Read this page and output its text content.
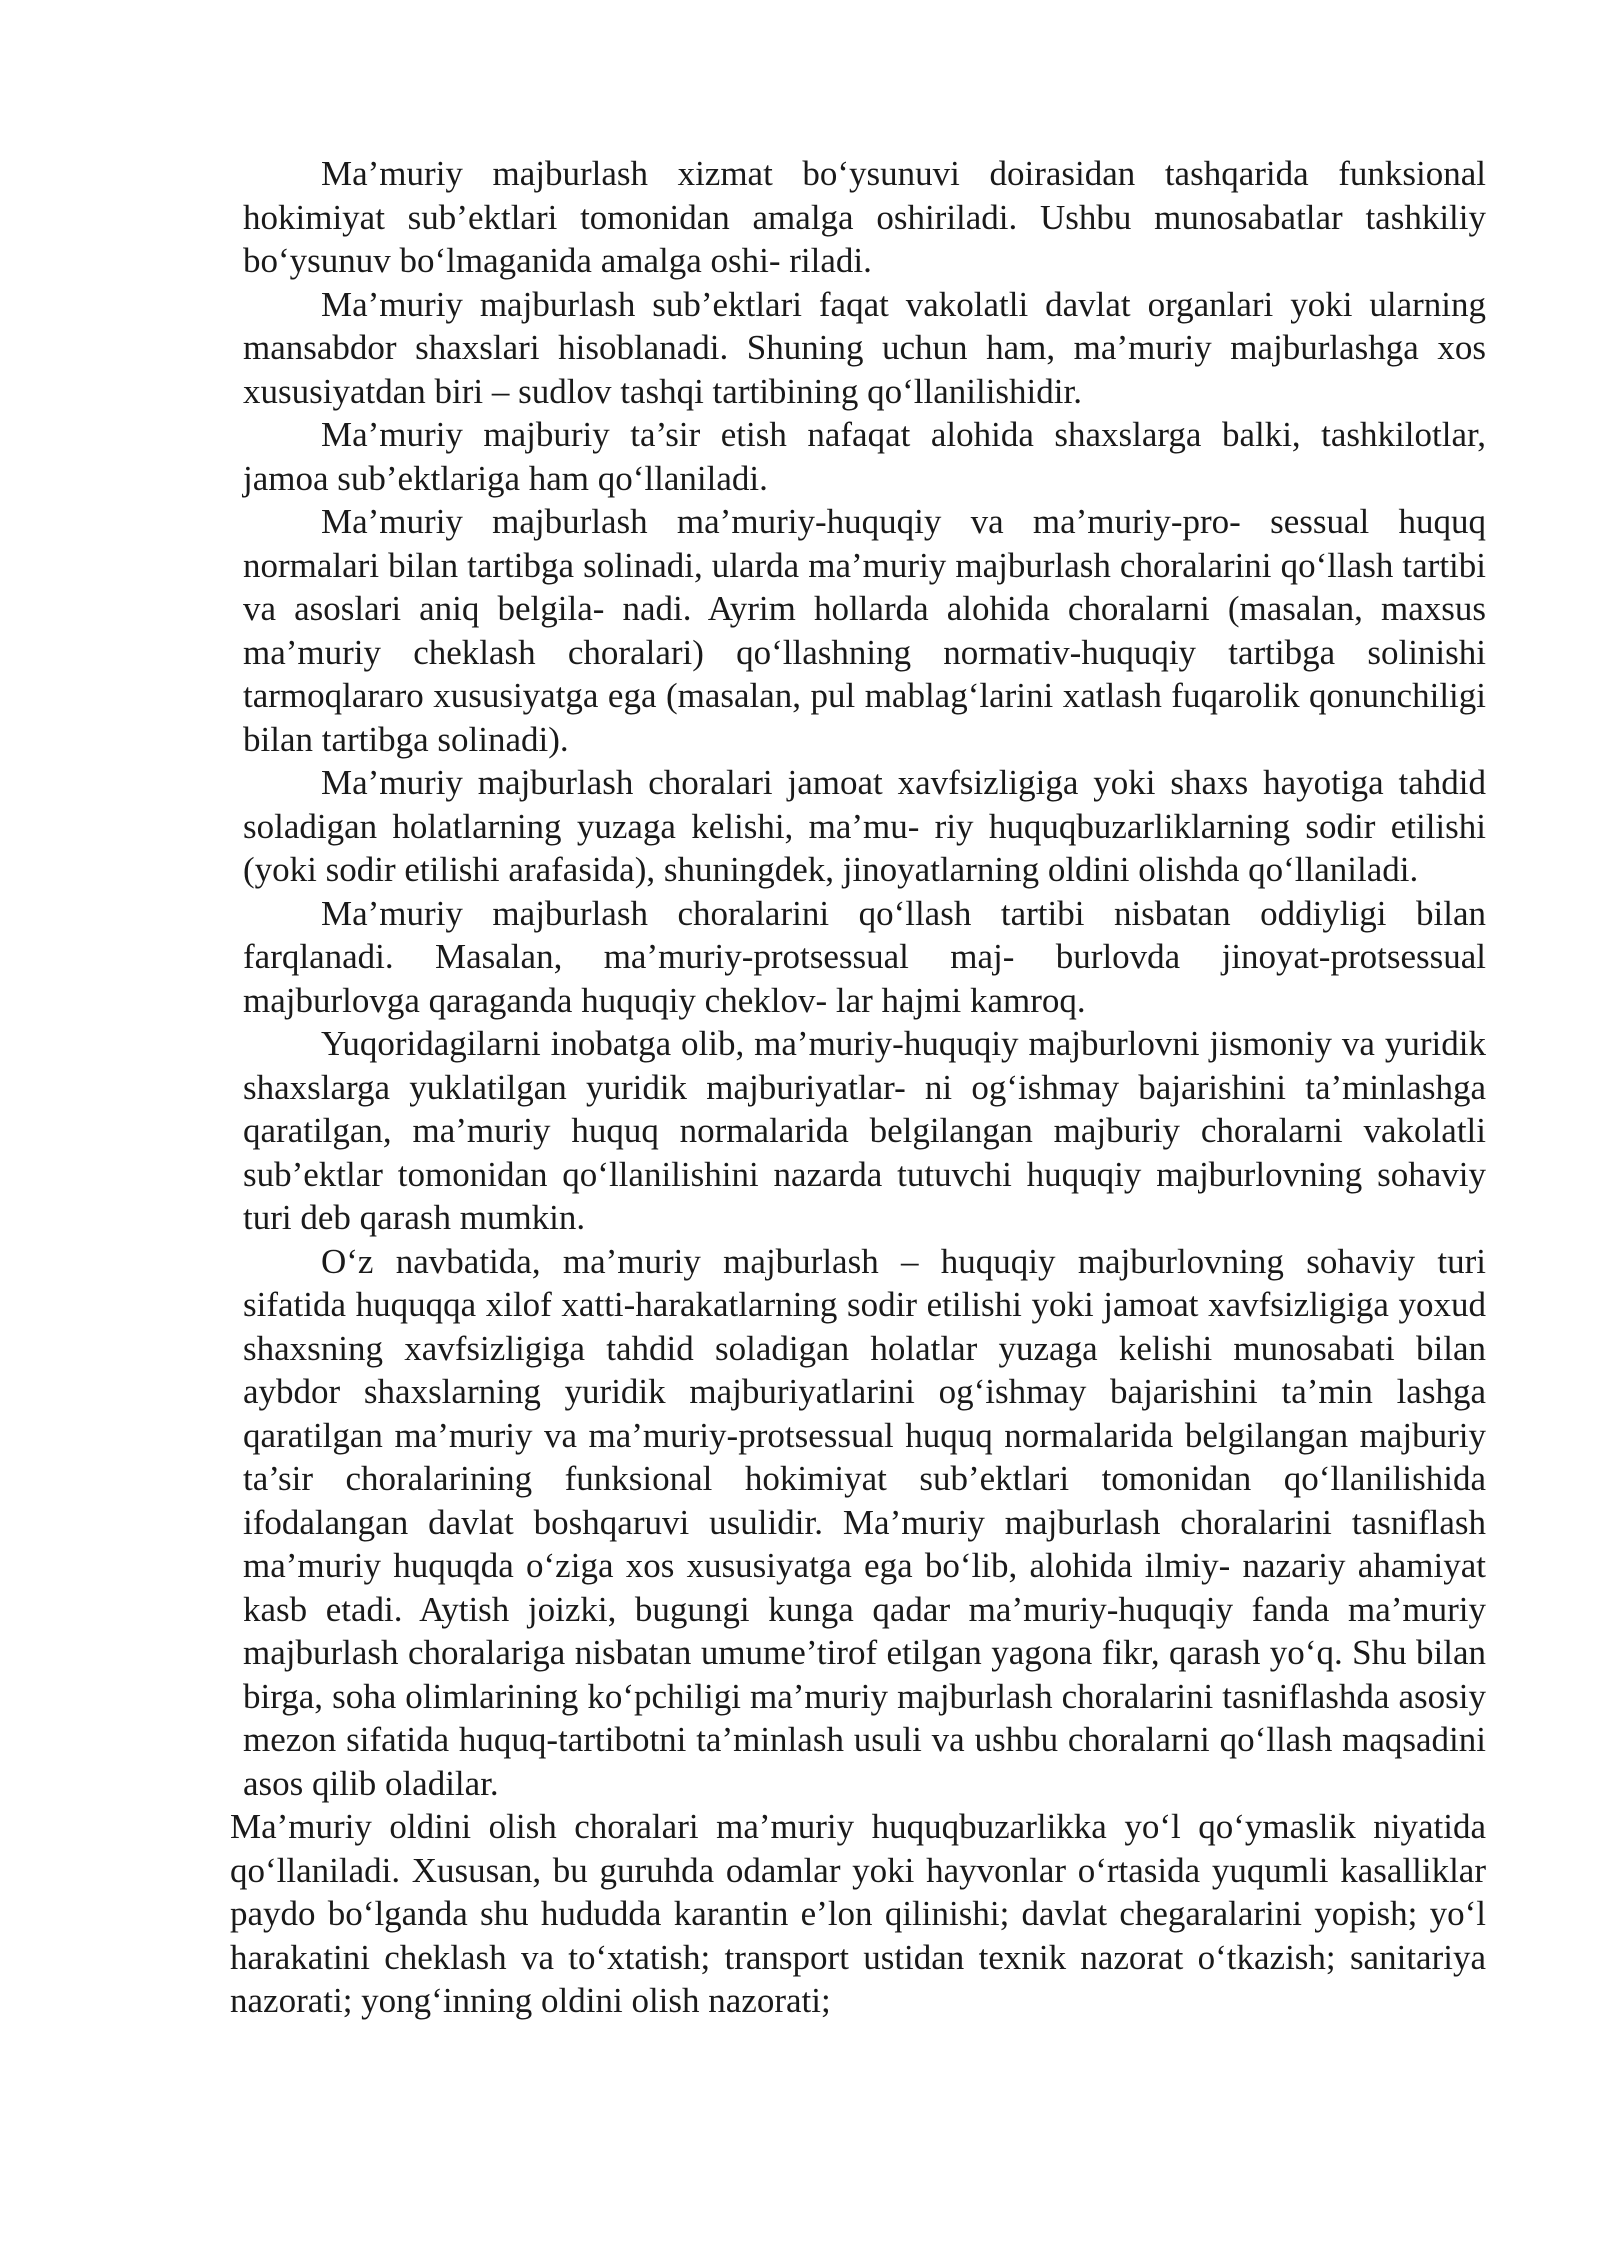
Ma’muriy majburlash xizmat bo‘ysunuvi doirasidan tashqarida funksional hokimiyat sub’ektlari tomonidan amalga oshiriladi. Ushbu munosabatlar tashkiliy bo‘ysunuv bo‘lmaganida amalga oshi- riladi.

Ma’muriy majburlash sub’ektlari faqat vakolatli davlat organlari yoki ularning mansabdor shaxslari hisoblanadi. Shuning uchun ham, ma’muriy majburlashga xos xususiyatdan biri – sudlov tashqi tartibining qo‘llanilishidir.

Ma’muriy majburiy ta’sir etish nafaqat alohida shaxslarga balki, tashkilotlar, jamoa sub’ektlariga ham qo‘llaniladi.

Ma’muriy majburlash ma’muriy-huquqiy va ma’muriy-pro- sessual huquq normalari bilan tartibga solinadi, ularda ma’muriy majburlash choralarini qo‘llash tartibi va asoslari aniq belgila- nadi. Ayrim hollarda alohida choralarni (masalan, maxsus ma’muriy cheklash choralari) qo‘llashning normativ-huquqiy tartibga solinishi tarmoqlararo xususiyatga ega (masalan, pul mablag‘larini xatlash fuqarolik qonunchiligi bilan tartibga solinadi).

Ma’muriy majburlash choralari jamoat xavfsizligiga yoki shaxs hayotiga tahdid soladigan holatlarning yuzaga kelishi, ma’mu- riy huquqbuzarliklarning sodir etilishi (yoki sodir etilishi arafasida), shuningdek, jinoyatlarning oldini olishda qo‘llaniladi.

Ma’muriy majburlash choralarini qo‘llash tartibi nisbatan oddiyligi bilan farqlanadi. Masalan, ma’muriy-protsessual maj- burlovda jinoyat-protsessual majburlovga qaraganda huquqiy cheklov- lar hajmi kamroq.

Yuqoridagilarni inobatga olib, ma’muriy-huquqiy majburlovni jismoniy va yuridik shaxslarga yuklatilgan yuridik majburiyatlar- ni og‘ishmay bajarishini ta’minlashga qaratilgan, ma’muriy huquq normalarida belgilangan majburiy choralarni vakolatli sub’ektlar tomonidan qo‘llanilishini nazarda tutuvchi huquqiy majburlovning sohaviy turi deb qarash mumkin.

O‘z navbatida, ma’muriy majburlash – huquqiy majburlovning sohaviy turi sifatida huquqqa xilof xatti-harakatlarning sodir etilishi yoki jamoat xavfsizligiga yoxud shaxsning xavfsizligiga tahdid soladigan holatlar yuzaga kelishi munosabati bilan aybdor shaxslarning yuridik majburiyatlarini og‘ishmay bajarishini ta’min lashga qaratilgan ma’muriy va ma’muriy-protsessual huquq normalarida belgilangan majburiy ta’sir choralarining funksional hokimiyat sub’ektlari tomonidan qo‘llanilishida ifodalangan davlat boshqaruvi usulidir. Ma’muriy majburlash choralarini tasniflash ma’muriy huquqda o‘ziga xos xususiyatga ega bo‘lib, alohida ilmiy- nazariy ahamiyat kasb etadi. Aytish joizki, bugungi kunga qadar ma’muriy-huquqiy fanda ma’muriy majburlash choralariga nisbatan umume’tirof etilgan yagona fikr, qarash yo‘q. Shu bilan birga, soha olimlarining ko‘pchiligi ma’muriy majburlash choralarini tasniflashda asosiy mezon sifatida huquq-tartibotni ta’minlash usuli va ushbu choralarni qo‘llash maqsadini asos qilib oladilar.

Ma’muriy oldini olish choralari ma’muriy huquqbuzarlikka yo‘l qo‘ymaslik niyatida qo‘llaniladi. Xususan, bu guruhda odamlar yoki hayvonlar o‘rtasida yuqumli kasalliklar paydo bo‘lganda shu hududda karantin e’lon qilinishi; davlat chegaralarini yopish; yo‘l harakatini cheklash va to‘xtatish; transport ustidan texnik nazorat o‘tkazish; sanitariya nazorati; yong‘inning oldini olish nazorati;
